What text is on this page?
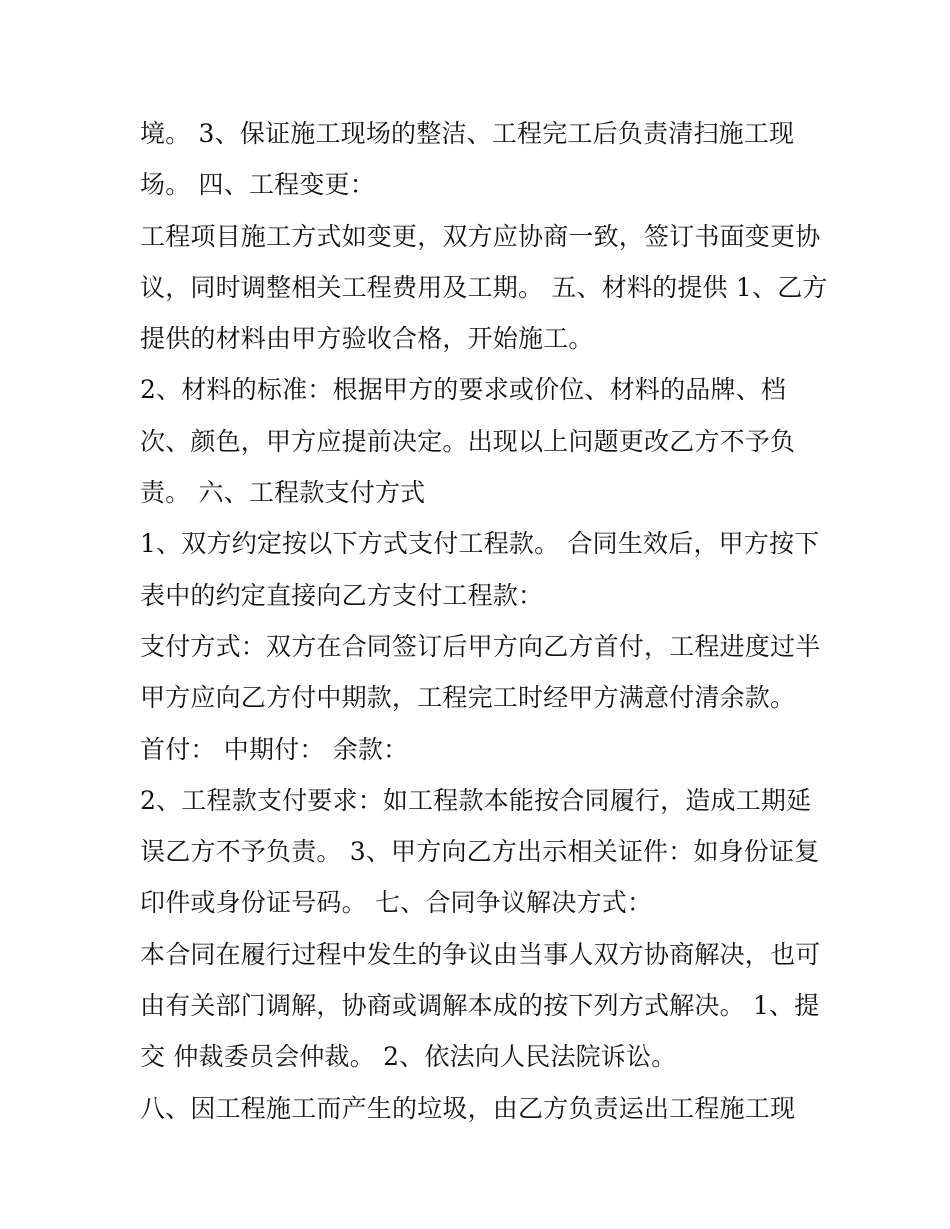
境。 3、保证施工现场的整洁、工程完工后负责清扫施工现
场。 四、工程变更：
工程项目施工方式如变更，双方应协商一致，签订书面变更协
议，同时调整相关工程费用及工期。 五、材料的提供 1、乙方
提供的材料由甲方验收合格，开始施工。
2、材料的标准：根据甲方的要求或价位、材料的品牌、档
次、颜色，甲方应提前决定。出现以上问题更改乙方不予负
责。 六、工程款支付方式
1、双方约定按以下方式支付工程款。 合同生效后，甲方按下
表中的约定直接向乙方支付工程款：
支付方式：双方在合同签订后甲方向乙方首付，工程进度过半
甲方应向乙方付中期款，工程完工时经甲方满意付清余款。
首付： 中期付： 余款：
2、工程款支付要求：如工程款本能按合同履行，造成工期延
误乙方不予负责。 3、甲方向乙方出示相关证件：如身份证复
印件或身份证号码。 七、合同争议解决方式：
本合同在履行过程中发生的争议由当事人双方协商解决，也可
由有关部门调解，协商或调解本成的按下列方式解决。 1、提
交 仲裁委员会仲裁。 2、依法向人民法院诉讼。
八、因工程施工而产生的垃圾，由乙方负责运出工程施工现
